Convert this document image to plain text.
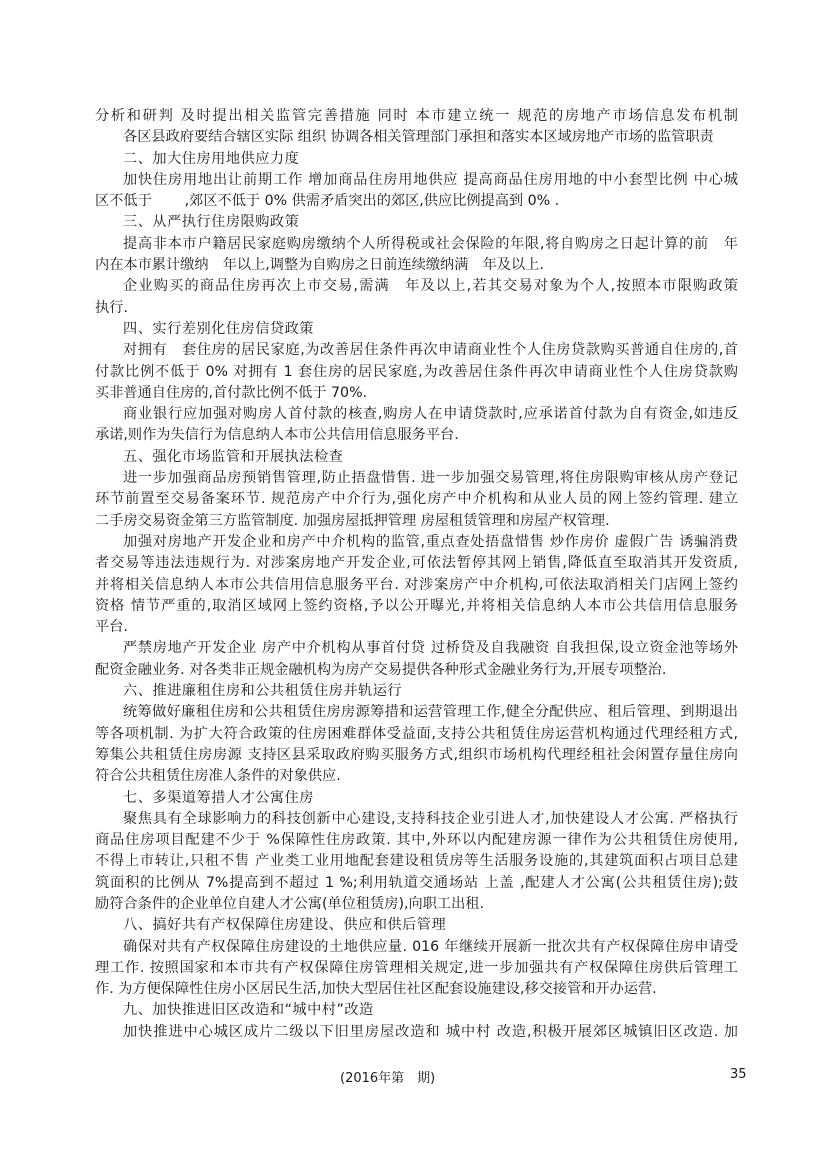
分析和研判 及时提出相关监管完善措施 同时 本市建立统一 规范的房地产市场信息发布机制
各区县政府要结合辖区实际 组织 协调各相关管理部门承担和落实本区域房地产市场的监管职责
二、加大住房用地供应力度
加快住房用地出让前期工作 增加商品住房用地供应 提高商品住房用地的中小套型比例 中心城
区不低于　　 ,郊区不低于 0% 供需矛盾突出的郊区,供应比例提高到 0% .
三、从严执行住房限购政策
提高非本市户籍居民家庭购房缴纳个人所得税或社会保险的年限,将自购房之日起计算的前　年
内在本市累计缴纳　年以上,调整为自购房之日前连续缴纳满　年及以上.
企业购买的商品住房再次上市交易,需满　年及以上,若其交易对象为个人,按照本市限购政策
执行.
四、实行差别化住房信贷政策
对拥有　套住房的居民家庭,为改善居住条件再次申请商业性个人住房贷款购买普通自住房的,首
付款比例不低于 0% 对拥有 1 套住房的居民家庭,为改善居住条件再次申请商业性个人住房贷款购
买非普通自住房的,首付款比例不低于 70%.
商业银行应加强对购房人首付款的核查,购房人在申请贷款时,应承诺首付款为自有资金,如违反
承诺,则作为失信行为信息纳人本市公共信用信息服务平台.
五、强化市场监管和开展执法检查
进一步加强商品房预销售管理,防止捂盘惜售. 进一步加强交易管理,将住房限购审核从房产登记
环节前置至交易备案环节. 规范房产中介行为,强化房产中介机构和从业人员的网上签约管理. 建立
二手房交易资金第三方监管制度. 加强房屋抵押管理 房屋租赁管理和房屋产权管理.
加强对房地产开发企业和房产中介机构的监管,重点查处捂盘惜售 炒作房价 虚假广告 诱骗消费
者交易等违法违规行为. 对涉案房地产开发企业,可依法暂停其网上销售,降低直至取消其开发资质,
并将相关信息纳人本市公共信用信息服务平台. 对涉案房产中介机构,可依法取消相关门店网上签约
资格 情节严重的,取消区域网上签约资格,予以公开曝光,并将相关信息纳人本市公共信用信息服务
平台.
严禁房地产开发企业 房产中介机构从事首付贷 过桥贷及自我融资 自我担保,设立资金池等场外
配资金融业务. 对各类非正规金融机构为房产交易提供各种形式金融业务行为,开展专项整治.
六、推进廉租住房和公共租赁住房并轨运行
统筹做好廉租住房和公共租赁住房房源筹措和运营管理工作,健全分配供应、租后管理、到期退出
等各项机制. 为扩大符合政策的住房困难群体受益面,支持公共租赁住房运营机构通过代理经租方式,
筹集公共租赁住房房源 支持区县采取政府购买服务方式,组织市场机构代理经租社会闲置存量住房向
符合公共租赁住房准人条件的对象供应.
七、多渠道筹措人才公寓住房
聚焦具有全球影响力的科技创新中心建设,支持科技企业引进人才,加快建设人才公寓. 严格执行
商品住房项目配建不少于 %保障性住房政策. 其中,外环以内配建房源一律作为公共租赁住房使用,
不得上市转让,只租不售 产业类工业用地配套建设租赁房等生活服务设施的,其建筑面积占项目总建
筑面积的比例从 7%提高到不超过 1 %;利用轨道交通场站 上盖 ,配建人才公寓(公共租赁住房);鼓
励符合条件的企业单位自建人才公寓(单位租赁房),向职工出租.
八、搞好共有产权保障住房建设、供应和供后管理
确保对共有产权保障住房建设的土地供应量. 016 年继续开展新一批次共有产权保障住房申请受
理工作. 按照国家和本市共有产权保障住房管理相关规定,进一步加强共有产权保障住房供后管理工
作. 为方便保障性住房小区居民生活,加快大型居住社区配套设施建设,移交接管和开办运营.
九、加快推进旧区改造和“城中村”改造
加快推进中心城区成片二级以下旧里房屋改造和 城中村 改造,积极开展郊区城镇旧区改造. 加
(2016年第　期)	35
